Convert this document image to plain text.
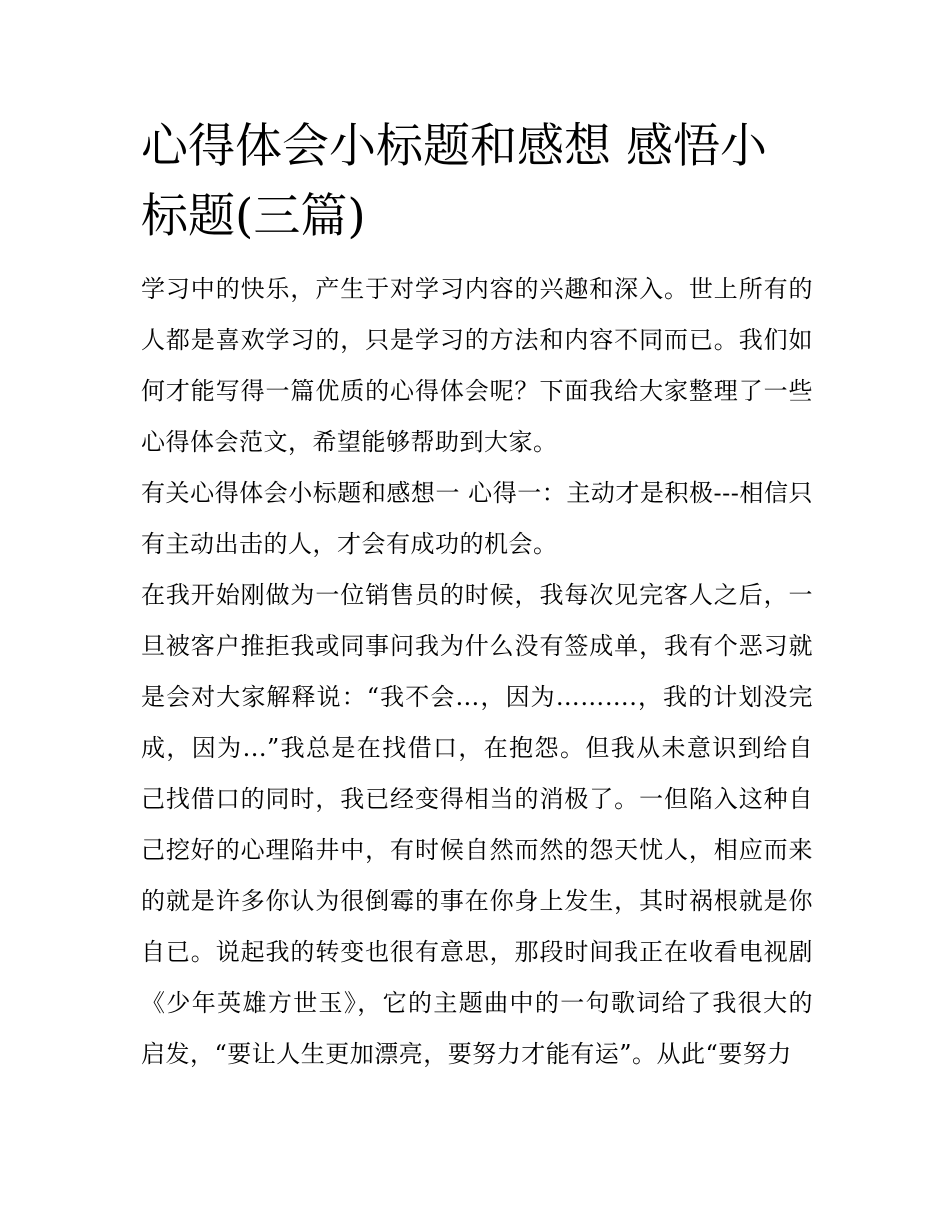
心得体会小标题和感想 感悟小标题(三篇)

学习中的快乐，产生于对学习内容的兴趣和深入。世上所有的人都是喜欢学习的，只是学习的方法和内容不同而已。我们如何才能写得一篇优质的心得体会呢？下面我给大家整理了一些心得体会范文，希望能够帮助到大家。

有关心得体会小标题和感想一 心得一：主动才是积极---相信只有主动出击的人，才会有成功的机会。

在我开始刚做为一位销售员的时候，我每次见完客人之后，一旦被客户推拒我或同事问我为什么没有签成单，我有个恶习就是会对大家解释说：“我不会…，因为……….，我的计划没完成，因为...”我总是在找借口，在抱怨。但我从未意识到给自己找借口的同时，我已经变得相当的消极了。一但陷入这种自己挖好的心理陷井中，有时候自然而然的怨天忧人，相应而来的就是许多你认为很倒霉的事在你身上发生，其时祸根就是你自已。说起我的转变也很有意思，那段时间我正在收看电视剧《少年英雄方世玉》，它的主题曲中的一句歌词给了我很大的启发，“要让人生更加漂亮，要努力才能有运”。从此“要努力
